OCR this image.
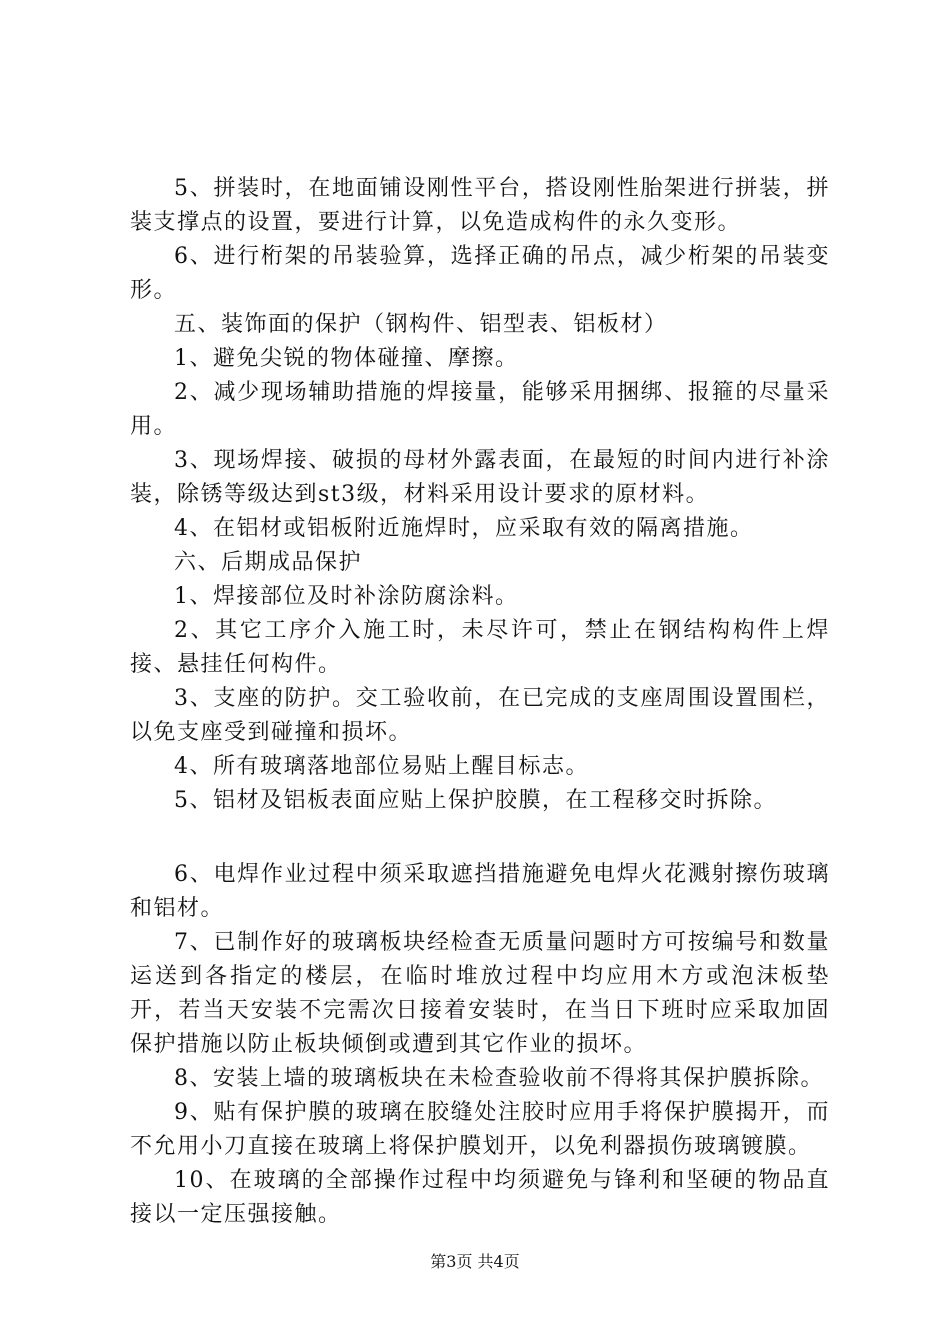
5、拼装时，在地面铺设刚性平台，搭设刚性胎架进行拼装，拼装支撑点的设置，要进行计算，以免造成构件的永久变形。

6、进行桁架的吊装验算，选择正确的吊点，减少桁架的吊装变形。

五、装饰面的保护（钢构件、铝型表、铝板材）

1、避免尖锐的物体碰撞、摩擦。

2、减少现场辅助措施的焊接量，能够采用捆绑、报箍的尽量采用。

3、现场焊接、破损的母材外露表面，在最短的时间内进行补涂装，除锈等级达到st3级，材料采用设计要求的原材料。

4、在铝材或铝板附近施焊时，应采取有效的隔离措施。

六、后期成品保护

1、焊接部位及时补涂防腐涂料。

2、其它工序介入施工时，未尽许可，禁止在钢结构构件上焊接、悬挂任何构件。

3、支座的防护。交工验收前，在已完成的支座周围设置围栏，以免支座受到碰撞和损坏。

4、所有玻璃落地部位易贴上醒目标志。

5、铝材及铝板表面应贴上保护胶膜，在工程移交时拆除。

6、电焊作业过程中须采取遮挡措施避免电焊火花溅射擦伤玻璃和铝材。

7、已制作好的玻璃板块经检查无质量问题时方可按编号和数量运送到各指定的楼层，在临时堆放过程中均应用木方或泡沫板垫开，若当天安装不完需次日接着安装时，在当日下班时应采取加固保护措施以防止板块倾倒或遭到其它作业的损坏。

8、安装上墙的玻璃板块在未检查验收前不得将其保护膜拆除。

9、贴有保护膜的玻璃在胶缝处注胶时应用手将保护膜揭开，而不允用小刀直接在玻璃上将保护膜划开，以免利器损伤玻璃镀膜。

10、在玻璃的全部操作过程中均须避免与锋利和坚硬的物品直接以一定压强接触。

第3页 共4页
